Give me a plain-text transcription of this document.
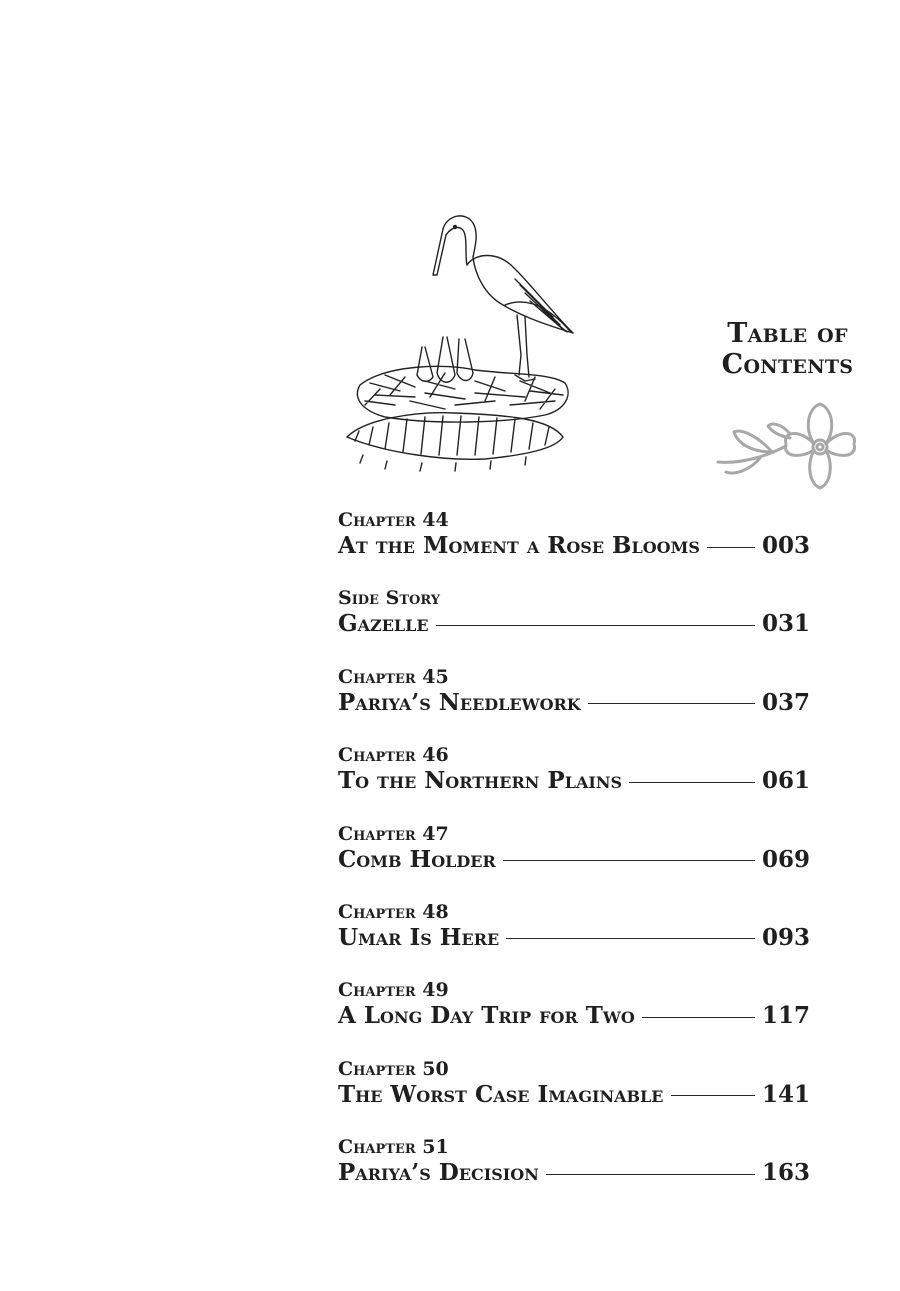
Table of
Contents
Chapter 44
At the Moment a Rose Blooms	003
Side Story
Gazelle	031
Chapter 45
Pariya’s Needlework	037
Chapter 46
To the Northern Plains	061
Chapter 47
Comb Holder	069
Chapter 48
Umar Is Here	093
Chapter 49
A Long Day Trip for Two	117
Chapter 50
The Worst Case Imaginable	141
Chapter 51
Pariya’s Decision	163
